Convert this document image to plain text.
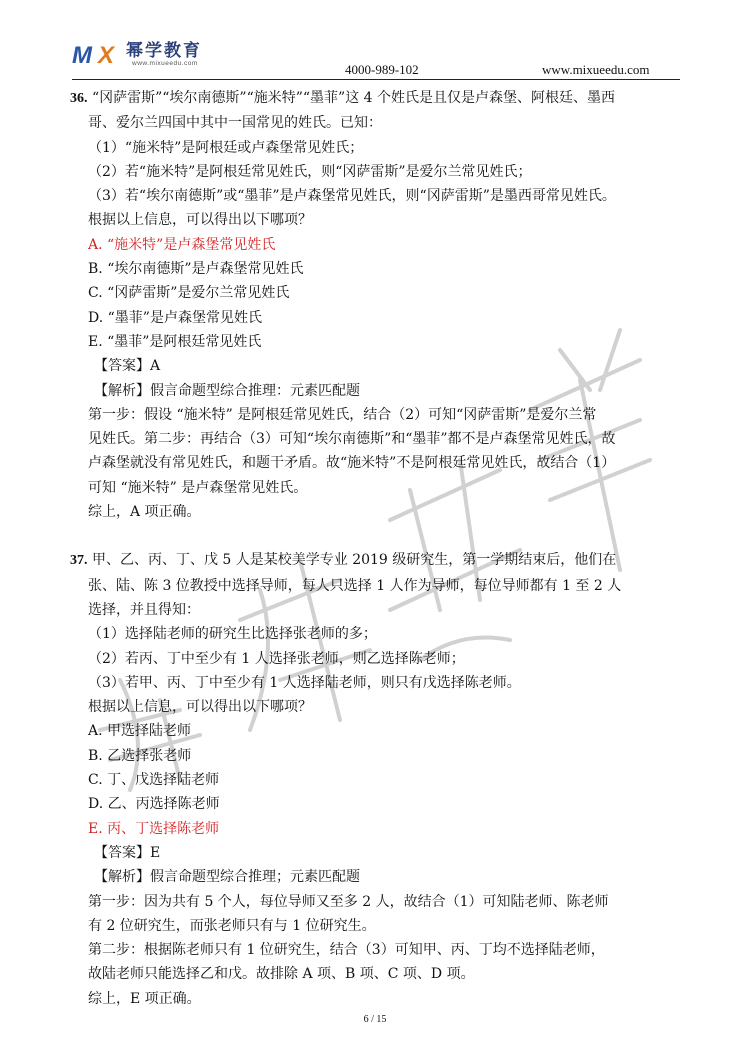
M X 幂学教育
www.mixueedu.com	4000-989-102	www.mixueedu.com

36. “冈萨雷斯”“埃尔南德斯”“施米特”“墨菲”这 4 个姓氏是且仅是卢森堡、阿根廷、墨西

哥、爱尔兰四国中其中一国常见的姓氏。已知：

（1）“施米特”是阿根廷或卢森堡常见姓氏；

（2）若“施米特”是阿根廷常见姓氏，则“冈萨雷斯”是爱尔兰常见姓氏；

（3）若“埃尔南德斯”或“墨菲”是卢森堡常见姓氏，则“冈萨雷斯”是墨西哥常见姓氏。

根据以上信息，可以得出以下哪项？

A. “施米特”是卢森堡常见姓氏

B. “埃尔南德斯”是卢森堡常见姓氏

C. “冈萨雷斯”是爱尔兰常见姓氏

D. “墨菲”是卢森堡常见姓氏

E. “墨菲”是阿根廷常见姓氏

【答案】A

【解析】假言命题型综合推理：元素匹配题

第一步：假设 “施米特” 是阿根廷常见姓氏，结合（2）可知“冈萨雷斯”是爱尔兰常

见姓氏。第二步：再结合（3）可知“埃尔南德斯”和“墨菲”都不是卢森堡常见姓氏，故

卢森堡就没有常见姓氏，和题干矛盾。故“施米特”不是阿根廷常见姓氏，故结合（1）

可知 “施米特” 是卢森堡常见姓氏。

综上，A 项正确。

37. 甲、乙、丙、丁、戊 5 人是某校美学专业 2019 级研究生，第一学期结束后，他们在

张、陆、陈 3 位教授中选择导师，每人只选择 1 人作为导师，每位导师都有 1 至 2 人

选择，并且得知：

（1）选择陆老师的研究生比选择张老师的多；

（2）若丙、丁中至少有 1 人选择张老师，则乙选择陈老师；

（3）若甲、丙、丁中至少有 1 人选择陆老师，则只有戊选择陈老师。

根据以上信息，可以得出以下哪项？

A. 甲选择陆老师

B. 乙选择张老师

C. 丁、戊选择陆老师

D. 乙、丙选择陈老师

E. 丙、丁选择陈老师

【答案】E

【解析】假言命题型综合推理；元素匹配题

第一步：因为共有 5 个人，每位导师又至多 2 人，故结合（1）可知陆老师、陈老师

有 2 位研究生，而张老师只有与 1 位研究生。

第二步：根据陈老师只有 1 位研究生，结合（3）可知甲、丙、丁均不选择陆老师，

故陆老师只能选择乙和戊。故排除 A 项、B 项、C 项、D 项。

综上，E 项正确。

6 / 15
